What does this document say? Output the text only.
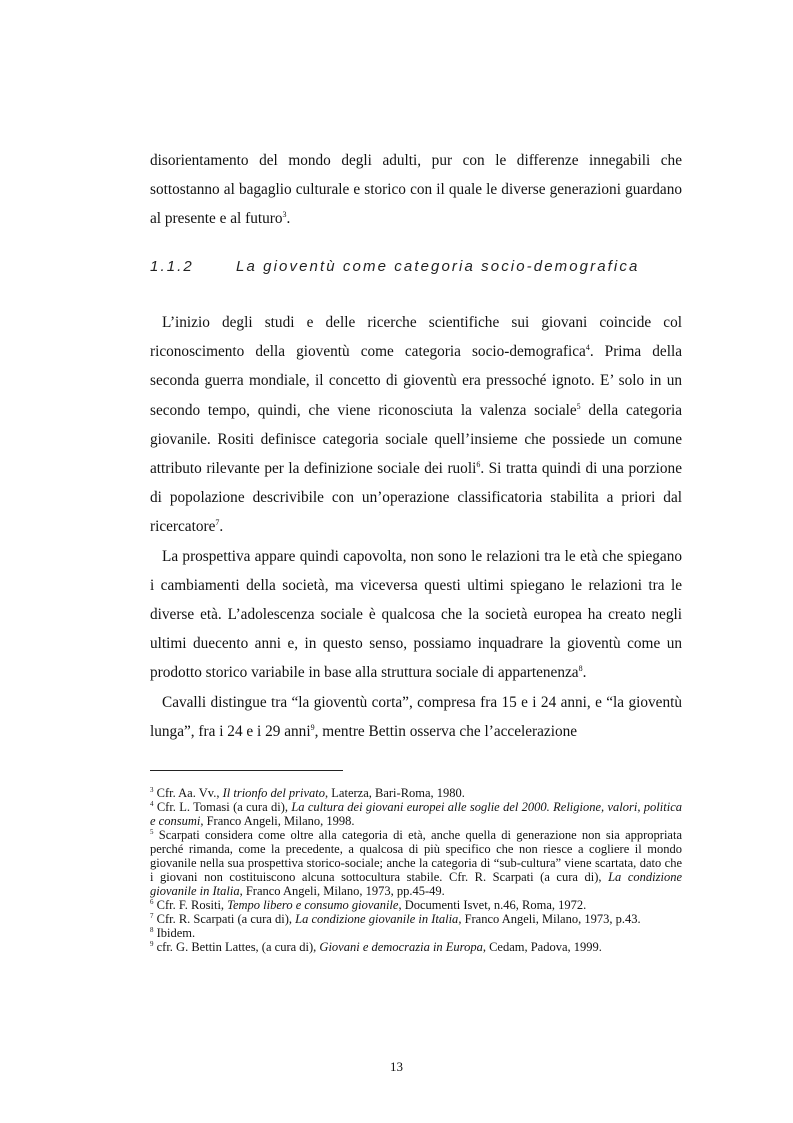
disorientamento del mondo degli adulti, pur con le differenze innegabili che sottostanno al bagaglio culturale e storico con il quale le diverse generazioni guardano al presente e al futuro$^3$.

1.1.2	La gioventù come categoria socio-demografica

L’inizio degli studi e delle ricerche scientifiche sui giovani coincide col riconoscimento della gioventù come categoria socio-demografica$^4$. Prima della seconda guerra mondiale, il concetto di gioventù era pressoché ignoto. E’ solo in un secondo tempo, quindi, che viene riconosciuta la valenza sociale$^5$ della categoria giovanile. Rositi definisce categoria sociale quell’insieme che possiede un comune attributo rilevante per la definizione sociale dei ruoli$^6$. Si tratta quindi di una porzione di popolazione descrivibile con un’operazione classificatoria stabilita a priori dal ricercatore$^7$.

La prospettiva appare quindi capovolta, non sono le relazioni tra le età che spiegano i cambiamenti della società, ma viceversa questi ultimi spiegano le relazioni tra le diverse età. L’adolescenza sociale è qualcosa che la società europea ha creato negli ultimi duecento anni e, in questo senso, possiamo inquadrare la gioventù come un prodotto storico variabile in base alla struttura sociale di appartenenza$^8$.

Cavalli distingue tra “la gioventù corta”, compresa fra 15 e i 24 anni, e “la gioventù lunga”, fra i 24 e i 29 anni$^9$, mentre Bettin osserva che l’accelerazione

$^3$ Cfr. Aa. Vv., Il trionfo del privato, Laterza, Bari-Roma, 1980.

$^4$ Cfr. L. Tomasi (a cura di), La cultura dei giovani europei alle soglie del 2000. Religione, valori, politica e consumi, Franco Angeli, Milano, 1998.

$^5$ Scarpati considera come oltre alla categoria di età, anche quella di generazione non sia appropriata perché rimanda, come la precedente, a qualcosa di più specifico che non riesce a cogliere il mondo giovanile nella sua prospettiva storico-sociale; anche la categoria di “sub-cultura” viene scartata, dato che i giovani non costituiscono alcuna sottocultura stabile. Cfr. R. Scarpati (a cura di), La condizione giovanile in Italia, Franco Angeli, Milano, 1973, pp.45-49.

$^6$ Cfr. F. Rositi, Tempo libero e consumo giovanile, Documenti Isvet, n.46, Roma, 1972.

$^7$ Cfr. R. Scarpati (a cura di), La condizione giovanile in Italia, Franco Angeli, Milano, 1973, p.43.

$^8$ Ibidem.

$^9$ cfr. G. Bettin Lattes, (a cura di), Giovani e democrazia in Europa, Cedam, Padova, 1999.

13
